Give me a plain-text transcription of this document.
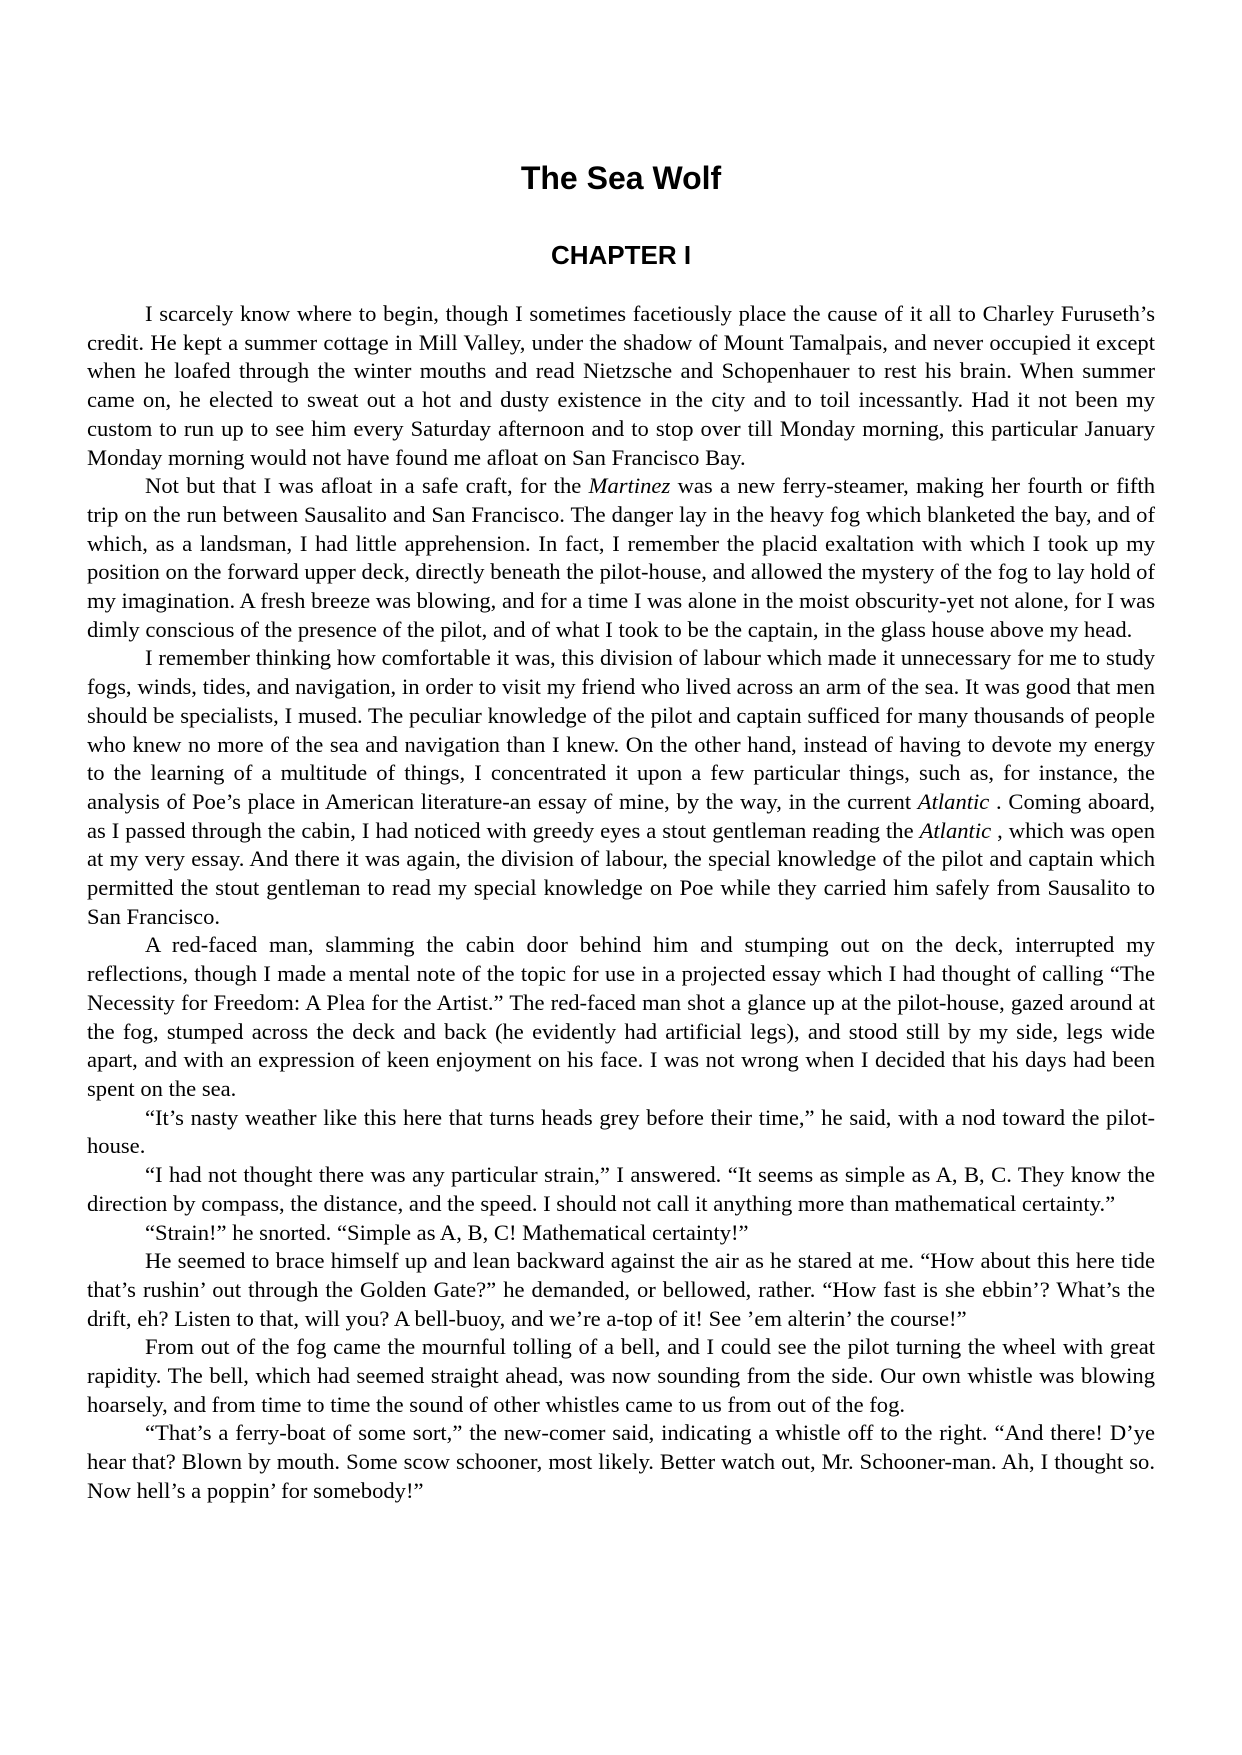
The Sea Wolf
CHAPTER I

I scarcely know where to begin, though I sometimes facetiously place the cause of it all to Charley Furuseth’s credit. He kept a summer cottage in Mill Valley, under the shadow of Mount Tamalpais, and never occupied it except when he loafed through the winter mouths and read Nietzsche and Schopenhauer to rest his brain. When summer came on, he elected to sweat out a hot and dusty existence in the city and to toil incessantly. Had it not been my custom to run up to see him every Saturday afternoon and to stop over till Monday morning, this particular January Monday morning would not have found me afloat on San Francisco Bay.

Not but that I was afloat in a safe craft, for the Martinez was a new ferry-steamer, making her fourth or fifth trip on the run between Sausalito and San Francisco. The danger lay in the heavy fog which blanketed the bay, and of which, as a landsman, I had little apprehension. In fact, I remember the placid exaltation with which I took up my position on the forward upper deck, directly beneath the pilot-house, and allowed the mystery of the fog to lay hold of my imagination. A fresh breeze was blowing, and for a time I was alone in the moist obscurity-yet not alone, for I was dimly conscious of the presence of the pilot, and of what I took to be the captain, in the glass house above my head.

I remember thinking how comfortable it was, this division of labour which made it unnecessary for me to study fogs, winds, tides, and navigation, in order to visit my friend who lived across an arm of the sea. It was good that men should be specialists, I mused. The peculiar knowledge of the pilot and captain sufficed for many thousands of people who knew no more of the sea and navigation than I knew. On the other hand, instead of having to devote my energy to the learning of a multitude of things, I concentrated it upon a few particular things, such as, for instance, the analysis of Poe’s place in American literature-an essay of mine, by the way, in the current Atlantic . Coming aboard, as I passed through the cabin, I had noticed with greedy eyes a stout gentleman reading the Atlantic , which was open at my very essay. And there it was again, the division of labour, the special knowledge of the pilot and captain which permitted the stout gentleman to read my special knowledge on Poe while they carried him safely from Sausalito to San Francisco.

A red-faced man, slamming the cabin door behind him and stumping out on the deck, interrupted my reflections, though I made a mental note of the topic for use in a projected essay which I had thought of calling “The Necessity for Freedom: A Plea for the Artist.” The red-faced man shot a glance up at the pilot-house, gazed around at the fog, stumped across the deck and back (he evidently had artificial legs), and stood still by my side, legs wide apart, and with an expression of keen enjoyment on his face. I was not wrong when I decided that his days had been spent on the sea.

“It’s nasty weather like this here that turns heads grey before their time,” he said, with a nod toward the pilot-house.

“I had not thought there was any particular strain,” I answered. “It seems as simple as A, B, C. They know the direction by compass, the distance, and the speed. I should not call it anything more than mathematical certainty.”

“Strain!” he snorted. “Simple as A, B, C! Mathematical certainty!”

He seemed to brace himself up and lean backward against the air as he stared at me. “How about this here tide that’s rushin’ out through the Golden Gate?” he demanded, or bellowed, rather. “How fast is she ebbin’? What’s the drift, eh? Listen to that, will you? A bell-buoy, and we’re a-top of it! See ’em alterin’ the course!”

From out of the fog came the mournful tolling of a bell, and I could see the pilot turning the wheel with great rapidity. The bell, which had seemed straight ahead, was now sounding from the side. Our own whistle was blowing hoarsely, and from time to time the sound of other whistles came to us from out of the fog.

“That’s a ferry-boat of some sort,” the new-comer said, indicating a whistle off to the right. “And there! D’ye hear that? Blown by mouth. Some scow schooner, most likely. Better watch out, Mr. Schooner-man. Ah, I thought so. Now hell’s a poppin’ for somebody!”
